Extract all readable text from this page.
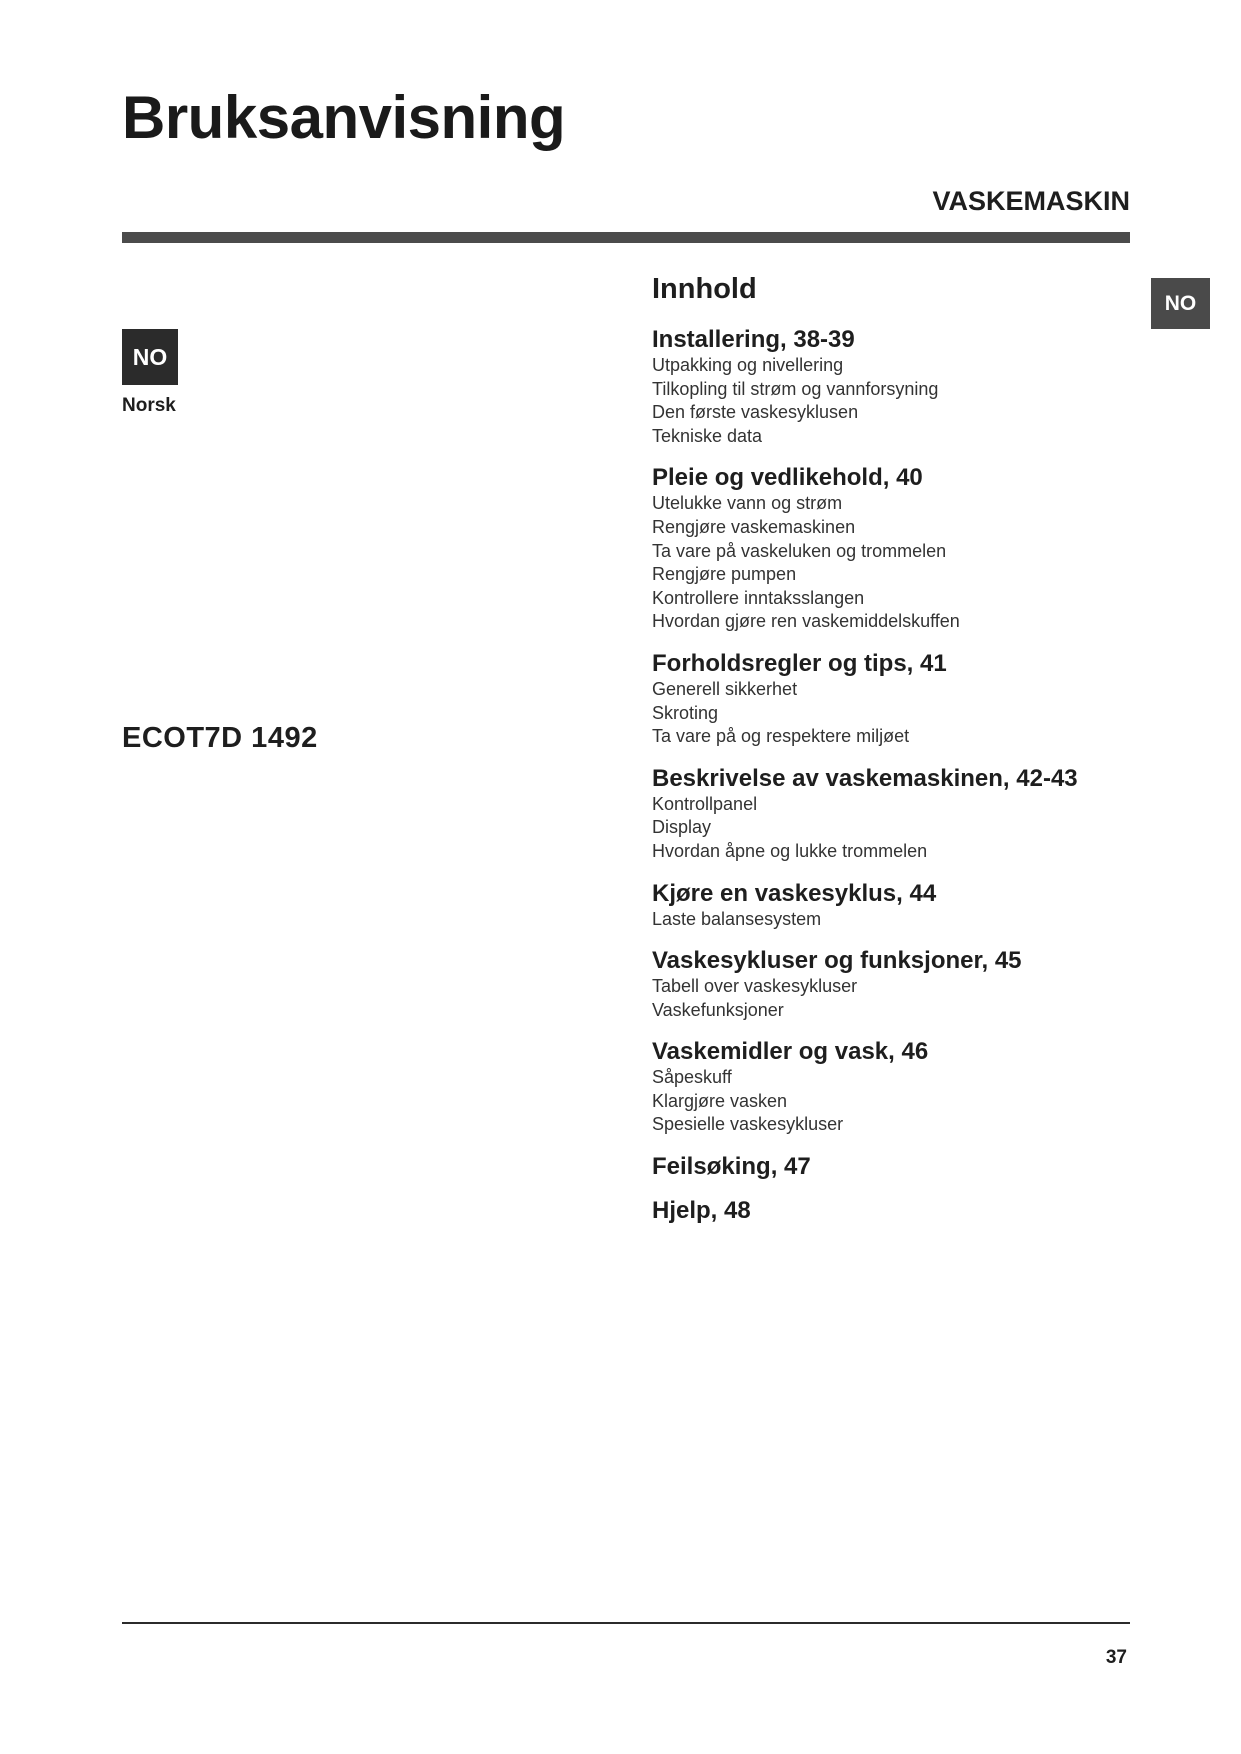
Bruksanvisning
VASKEMASKIN
NO
Norsk
ECOT7D 1492
NO
Innhold
Installering, 38-39
Utpakking og nivellering
Tilkopling til strøm og vannforsyning
Den første vaskesyklusen
Tekniske data
Pleie og vedlikehold, 40
Utelukke vann og strøm
Rengjøre vaskemaskinen
Ta vare på vaskeluken og trommelen
Rengjøre pumpen
Kontrollere inntaksslangen
Hvordan gjøre ren vaskemiddelskuffen
Forholdsregler og tips, 41
Generell sikkerhet
Skroting
Ta vare på og respektere miljøet
Beskrivelse av vaskemaskinen, 42-43
Kontrollpanel
Display
Hvordan åpne og lukke trommelen
Kjøre en vaskesyklus, 44
Laste balansesystem
Vaskesykluser og funksjoner, 45
Tabell over vaskesykluser
Vaskefunksjoner
Vaskemidler og vask, 46
Såpeskuff
Klargjøre vasken
Spesielle vaskesykluser
Feilsøking, 47
Hjelp, 48
37
